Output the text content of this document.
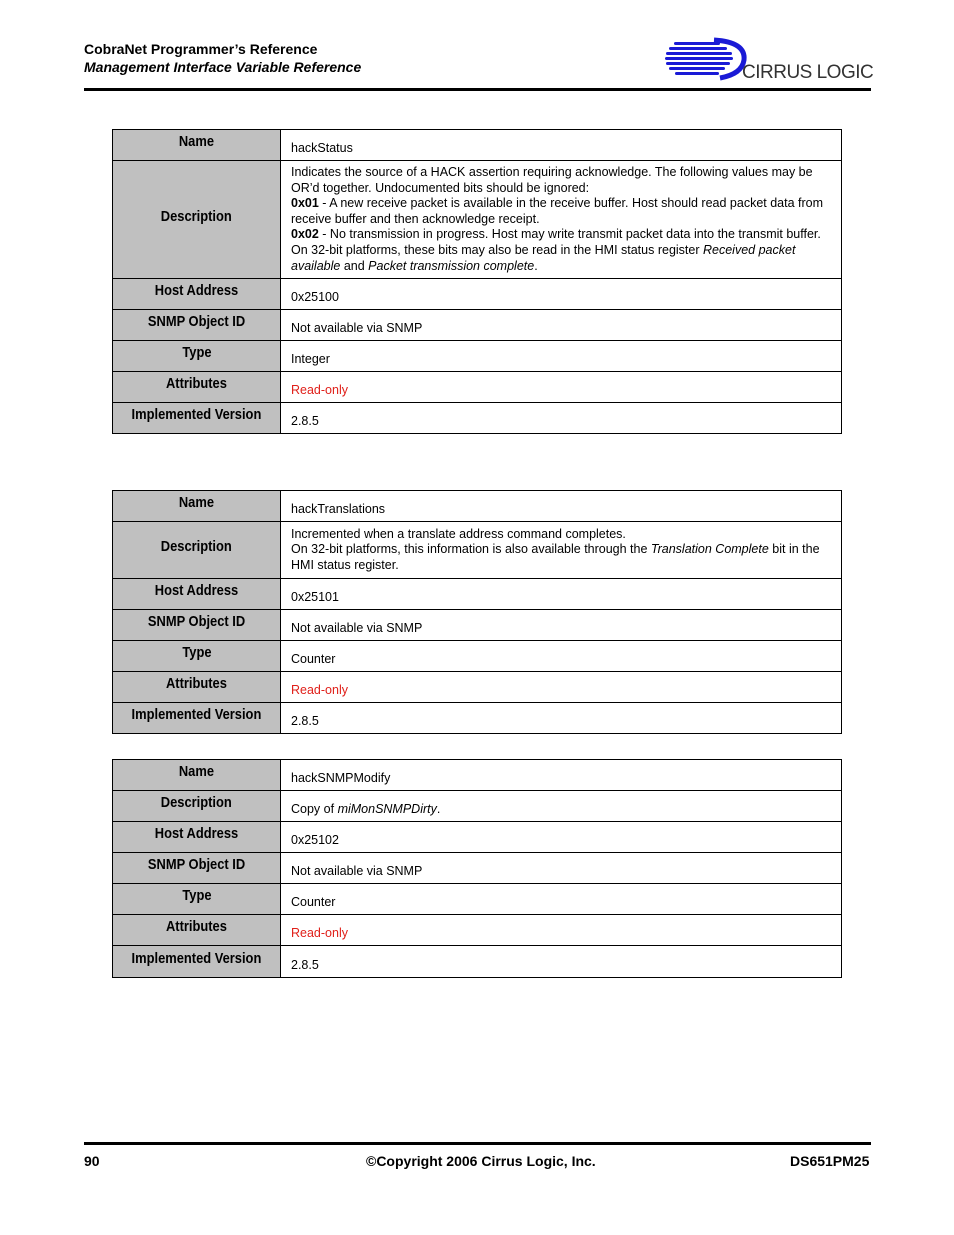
CobraNet Programmer’s Reference
Management Interface Variable Reference	CIRRUS LOGIC
Name	hackStatus
Description	Indicates the source of a HACK assertion requiring acknowledge. The following values may be OR’d together. Undocumented bits should be ignored:
0x01 - A new receive packet is available in the receive buffer. Host should read packet data from receive buffer and then acknowledge receipt.
0x02 - No transmission in progress. Host may write transmit packet data into the transmit buffer.
On 32-bit platforms, these bits may also be read in the HMI status register Received packet available and Packet transmission complete.

Host Address	0x25100
SNMP Object ID	Not available via SNMP
Type	Integer
Attributes	Read-only
Implemented Version	2.8.5
Name	hackTranslations
Description	Incremented when a translate address command completes.
On 32-bit platforms, this information is also available through the Translation Complete bit in the HMI status register.

Host Address	0x25101
SNMP Object ID	Not available via SNMP
Type	Counter
Attributes	Read-only
Implemented Version	2.8.5
Name	hackSNMPModify
Description	Copy of miMonSNMPDirty.
Host Address	0x25102
SNMP Object ID	Not available via SNMP
Type	Counter
Attributes	Read-only
Implemented Version	2.8.5
90	©Copyright 2006 Cirrus Logic, Inc.	DS651PM25
